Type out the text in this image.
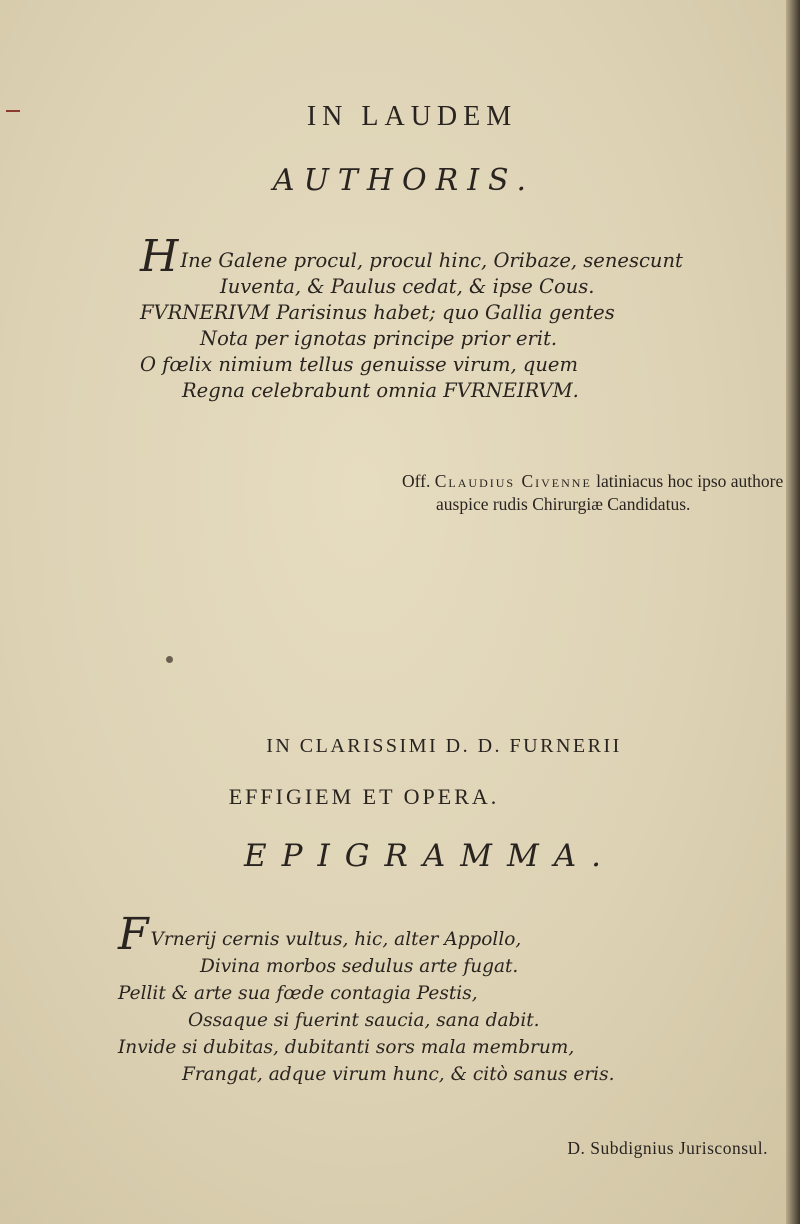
IN LAUDEM
AUTHORIS.
H Ine Galene procul, procul hinc, Oribaze, senescunt
Iuventa, & Paulus cedat, & ipse Cous.
FVRNERIVM Parisinus habet; quo Gallia gentes
Nota per ignotas principe prior erit.
O fœlix nimium tellus genuisse virum, quem
Regna celebrabunt omnia FVRNEIRVM.
Off. Claudius Civenne latiniacus hoc ipso authore auspice rudis Chirurgiæ Candidatus.
IN CLARISSIMI D. D. FURNERII
EFFIGIEM ET OPERA.
EPIGRAMMA.
F Vrnerij cernis vultus, hic, alter Appollo,
Divina morbos sedulus arte fugat.
Pellit & arte sua fœde contagia Pestis,
Ossaque si fuerint saucia, sana dabit.
Invide si dubitas, dubitanti sors mala membrum,
Frangat, adque virum hunc, & citò sanus eris.
D. Subdignius Jurisconsul.
